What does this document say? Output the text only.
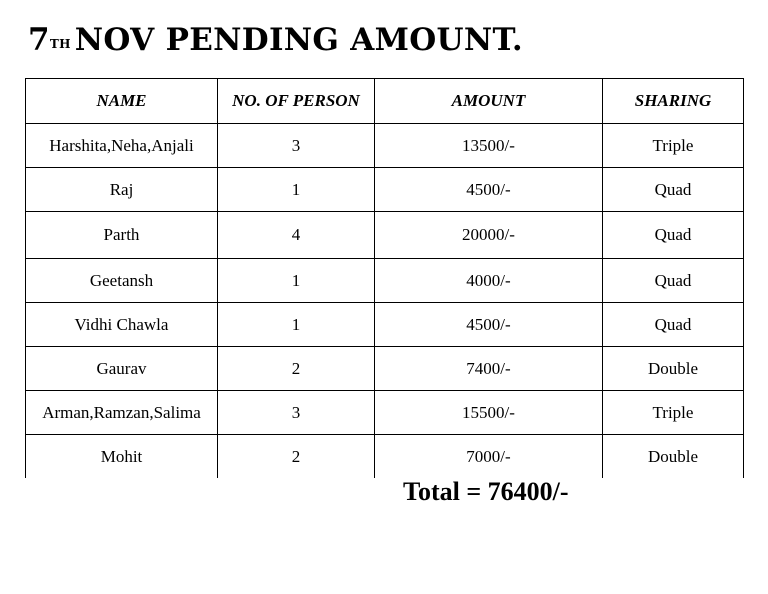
7TH NOV PENDING AMOUNT.
NAME	NO. OF PERSON	AMOUNT	SHARING
Harshita,Neha,Anjali	3	13500/-	Triple
Raj	1	4500/-	Quad
Parth	4	20000/-	Quad
Geetansh	1	4000/-	Quad
Vidhi Chawla	1	4500/-	Quad
Gaurav	2	7400/-	Double
Arman,Ramzan,Salima	3	15500/-	Triple
Mohit	2	7000/-	Double
Total = 76400/-
